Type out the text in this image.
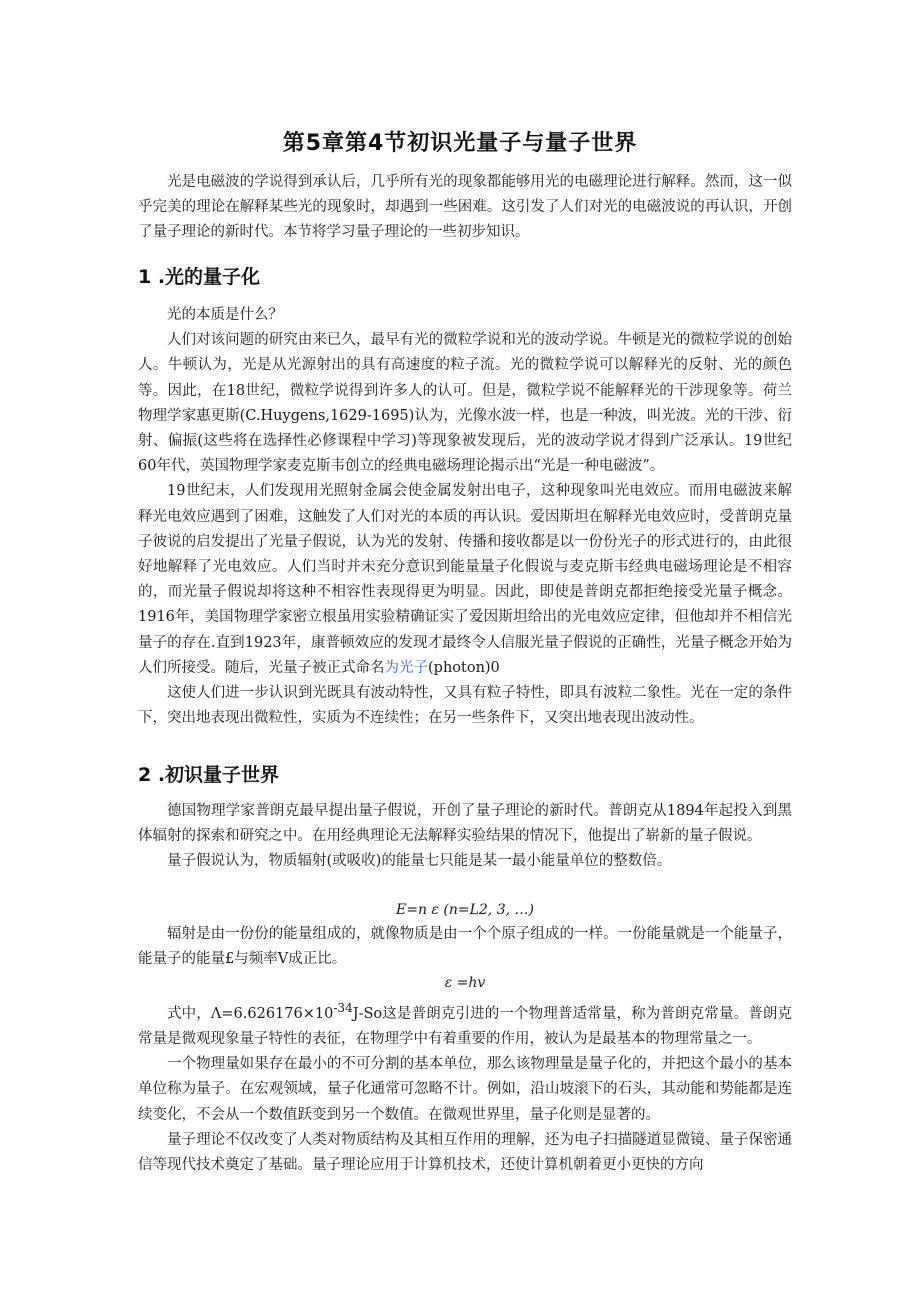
第5章第4节初识光量子与量子世界

光是电磁波的学说得到承认后，几乎所有光的现象都能够用光的电磁理论进行解释。然而，这一似乎完美的理论在解释某些光的现象时，却遇到一些困难。这引发了人们对光的电磁波说的再认识，开创了量子理论的新时代。本节将学习量子理论的一些初步知识。

1 .光的量子化

光的本质是什么？

人们对该问题的研究由来已久，最早有光的微粒学说和光的波动学说。牛顿是光的微粒学说的创始人。牛顿认为，光是从光源射出的具有高速度的粒子流。光的微粒学说可以解释光的反射、光的颜色等。因此，在18世纪，微粒学说得到许多人的认可。但是，微粒学说不能解释光的干涉现象等。荷兰物理学家惠更斯(C.Huygens,1629-1695)认为，光像水波一样，也是一种波，叫光波。光的干涉、衍射、偏振(这些将在选择性必修课程中学习)等现象被发现后，光的波动学说才得到广泛承认。19世纪60年代，英国物理学家麦克斯韦创立的经典电磁场理论揭示出“光是一种电磁波”。

19世纪末，人们发现用光照射金属会使金属发射出电子，这种现象叫光电效应。而用电磁波来解释光电效应遇到了困难，这触发了人们对光的本质的再认识。爱因斯坦在解释光电效应时，受普朗克量子彼说的启发提出了光量子假说，认为光的发射、传播和接收都是以一份份光子的形式进行的，由此很好地解释了光电效应。人们当时并未充分意识到能量量子化假说与麦克斯韦经典电磁场理论是不相容的，而光量子假说却将这种不相容性表现得更为明显。因此，即使是普朗克都拒绝接受光量子概念。1916年，美国物理学家密立根虽用实验精确证实了爱因斯坦给出的光电效应定律，但他却并不相信光量子的存在.直到1923年，康普顿效应的发现才最终令人信服光量子假说的正确性，光量子概念开始为人们所接受。随后，光量子被正式命名为光子(photon)0

这使人们进一步认识到光既具有波动特性，又具有粒子特性，即具有波粒二象性。光在一定的条件下，突出地表现出微粒性，实质为不连续性；在另一些条件下，又突出地表现出波动性。

2 .初识量子世界

德国物理学家普朗克最早提出量子假说，开创了量子理论的新时代。普朗克从1894年起投入到黑体辐射的探索和研究之中。在用经典理论无法解释实验结果的情况下，他提出了崭新的量子假说。

量子假说认为，物质辐射(或吸收)的能量七只能是某一最小能量单位的整数倍。

E=n ε (n=L2, 3, …)

辐射是由一份份的能量组成的，就像物质是由一个个原子组成的一样。一份能量就是一个能量子，能量子的能量£与频率V成正比。

ε =hv

式中，$\Lambda=6.626176\times 10^{-34}J-So$这是普朗克引进的一个物理普适常量，称为普朗克常量。普朗克常量是微观现象量子特性的表征，在物理学中有着重要的作用，被认为是最基本的物理常量之一。

一个物理量如果存在最小的不可分割的基本单位，那么该物理量是量子化的，并把这个最小的基本单位称为量子。在宏观领域，量子化通常可忽略不计。例如，沿山坡滚下的石头，其动能和势能都是连续变化，不会从一个数值跃变到另一个数值。在微观世界里，量子化则是显著的。

量子理论不仅改变了人类对物质结构及其相互作用的理解，还为电子扫描隧道显微镜、量子保密通信等现代技术奠定了基础。量子理论应用于计算机技术，还使计算机朝着更小更快的方向
